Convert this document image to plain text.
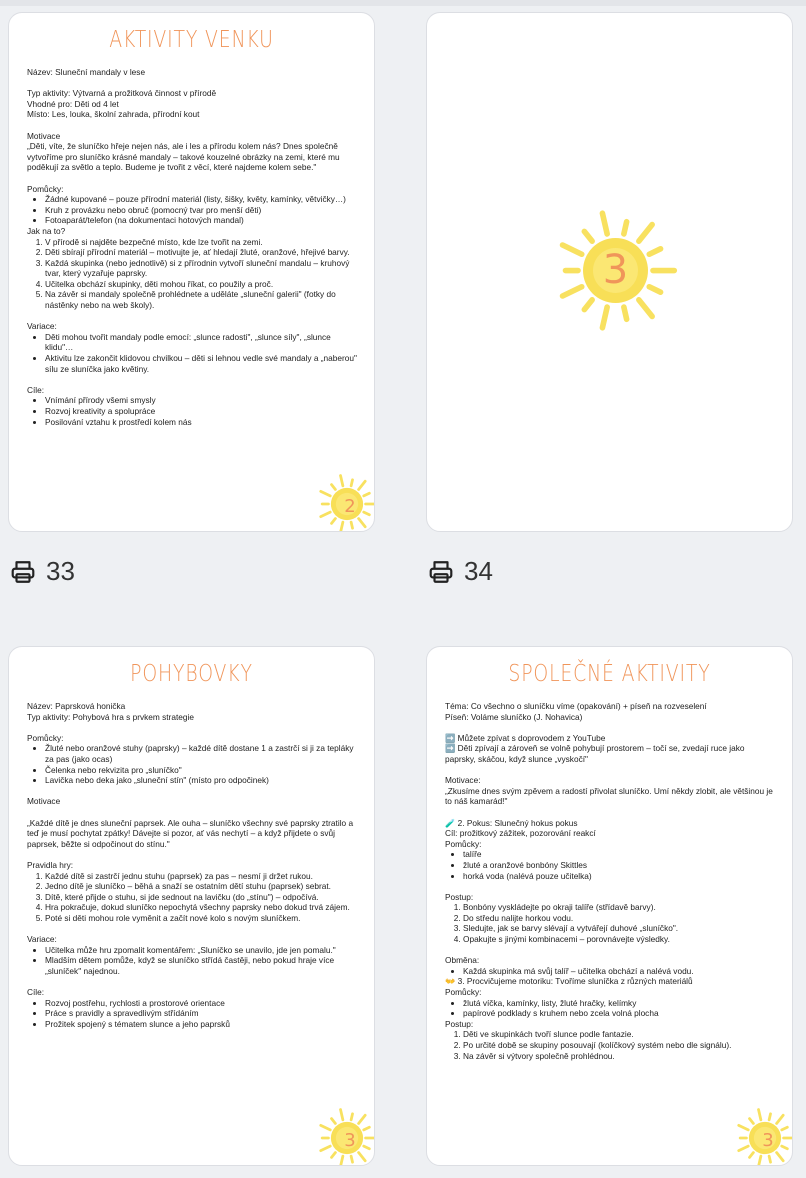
AKTIVITY VENKU

Název: Sluneční mandaly v lese

Typ aktivity: Výtvarná a prožitková činnost v přírodě

Vhodné pro: Děti od 4 let

Místo: Les, louka, školní zahrada, přírodní kout

Motivace

„Děti, víte, že sluníčko hřeje nejen nás, ale i les a přírodu kolem nás? Dnes společně vytvoříme pro sluníčko krásné mandaly – takové kouzelné obrázky na zemi, které mu poděkují za světlo a teplo. Budeme je tvořit z věcí, které najdeme kolem sebe."

Pomůcky:

• Žádné kupované – pouze přírodní materiál (listy, šišky, květy, kamínky, větvičky…)
• Kruh z provázku nebo obruč (pomocný tvar pro menší děti)
• Fotoaparát/telefon (na dokumentaci hotových mandal)

Jak na to?

1. V přírodě si najděte bezpečné místo, kde lze tvořit na zemi.
2. Děti sbírají přírodní materiál – motivujte je, ať hledají žluté, oranžové, hřejivé barvy.
3. Každá skupinka (nebo jednotlivě) si z přírodnin vytvoří sluneční mandalu – kruhový tvar, který vyzařuje paprsky.
4. Učitelka obchází skupinky, děti mohou říkat, co použily a proč.
5. Na závěr si mandaly společně prohlédnete a uděláte „sluneční galerii" (fotky do nástěnky nebo na web školy).

Variace:

• Děti mohou tvořit mandaly podle emocí: „slunce radosti", „slunce síly", „slunce klidu"…
• Aktivitu lze zakončit klidovou chvilkou – děti si lehnou vedle své mandaly a „naberou" sílu ze sluníčka jako květiny.

Cíle:

• Vnímání přírody všemi smysly
• Rozvoj kreativity a spolupráce
• Posilování vztahu k prostředí kolem nás
2
3
33	34
POHYBOVKY

Název: Paprsková honička

Typ aktivity: Pohybová hra s prvkem strategie

Pomůcky:

• Žluté nebo oranžové stuhy (paprsky) – každé dítě dostane 1 a zastrčí si ji za tepláky za pas (jako ocas)
• Čelenka nebo rekvizita pro „sluníčko"
• Lavička nebo deka jako „sluneční stín" (místo pro odpočinek)

Motivace

„Každé dítě je dnes sluneční paprsek. Ale ouha – sluníčko všechny své paprsky ztratilo a teď je musí pochytat zpátky! Dávejte si pozor, ať vás nechytí – a když přijdete o svůj paprsek, běžte si odpočinout do stínu."

Pravidla hry:

1. Každé dítě si zastrčí jednu stuhu (paprsek) za pas – nesmí ji držet rukou.
2. Jedno dítě je sluníčko – běhá a snaží se ostatním dětí stuhu (paprsek) sebrat.
3. Dítě, které přijde o stuhu, si jde sednout na lavičku (do „stínu") – odpočívá.
4. Hra pokračuje, dokud sluníčko nepochytá všechny paprsky nebo dokud trvá zájem.
5. Poté si děti mohou role vyměnit a začít nové kolo s novým sluníčkem.

Variace:

• Učitelka může hru zpomalit komentářem: „Sluníčko se unavilo, jde jen pomalu."
• Mladším dětem pomůže, když se sluníčko střídá častěji, nebo pokud hraje více „sluníček" najednou.

Cíle:

• Rozvoj postřehu, rychlosti a prostorové orientace
• Práce s pravidly a spravedlivým střídáním
• Prožitek spojený s tématem slunce a jeho paprsků
3
SPOLEČNÉ AKTIVITY

Téma: Co všechno o sluníčku víme (opakování) + píseň na rozveselení

Píseň: Voláme sluníčko (J. Nohavica)

➡️ Můžete zpívat s doprovodem z YouTube

➡️ Děti zpívají a zároveň se volně pohybují prostorem – točí se, zvedají ruce jako paprsky, skáčou, když slunce „vyskočí"

Motivace:

„Zkusíme dnes svým zpěvem a radostí přivolat sluníčko. Umí někdy zlobit, ale většinou je to náš kamarád!"

🧪 2. Pokus: Slunečný hokus pokus

Cíl: prožitkový zážitek, pozorování reakcí

Pomůcky:

• talíře
• žluté a oranžové bonbóny Skittles
• horká voda (nalévá pouze učitelka)

Postup:

1. Bonbóny vyskládejte po okraji talíře (střídavě barvy).
2. Do středu nalijte horkou vodu.
3. Sledujte, jak se barvy slévají a vytvářejí duhové „sluníčko".
4. Opakujte s jinými kombinacemi – porovnávejte výsledky.

Obměna:

• Každá skupinka má svůj talíř – učitelka obchází a nalévá vodu.

👐 3. Procvičujeme motoriku: Tvoříme sluníčka z různých materiálů

Pomůcky:

• žlutá víčka, kamínky, listy, žluté hračky, kelímky
• papírové podklady s kruhem nebo zcela volná plocha

Postup:

1. Děti ve skupinkách tvoří slunce podle fantazie.
2. Po určité době se skupiny posouvají (kolíčkový systém nebo dle signálu).
3. Na závěr si výtvory společně prohlédnou.
3
